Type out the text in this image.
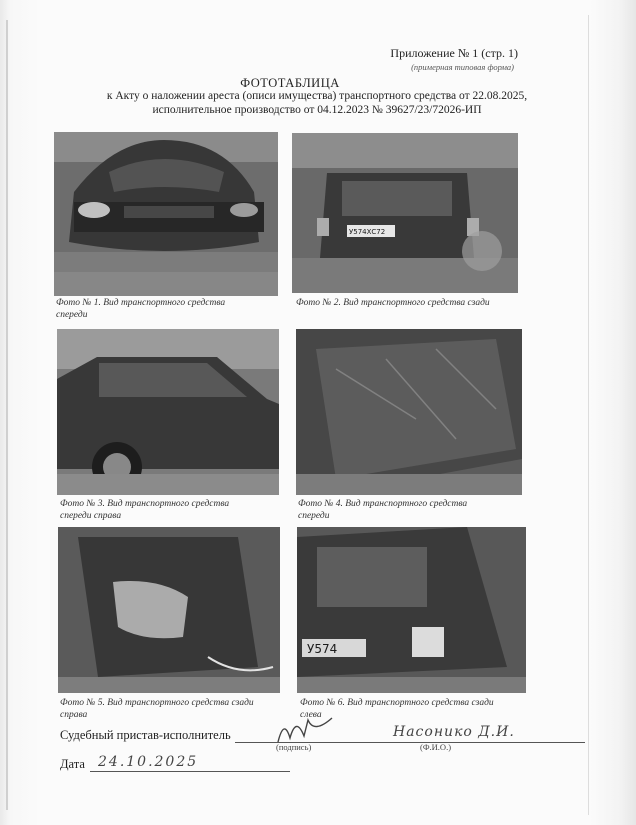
Приложение № 1 (стр. 1)
(примерная типовая форма)
ФОТОТАБЛИЦА
к Акту о наложении ареста (описи имущества) транспортного средства от 22.08.2025,
исполнительное производство от 04.12.2023 № 39627/23/72026-ИП
Фото № 1. Вид транспортного средства
спереди
У574ХС72
Фото № 2. Вид транспортного средства сзади
Фото № 3. Вид транспортного средства
спереди справа
Фото № 4. Вид транспортного средства
спереди
Фото № 5. Вид транспортного средства сзади
справа
У574
Фото № 6. Вид транспортного средства сзади
слева
Судебный пристав-исполнитель	Насонико Д.И.
(подпись)	(Ф.И.О.)
Дата 24.10.2025
